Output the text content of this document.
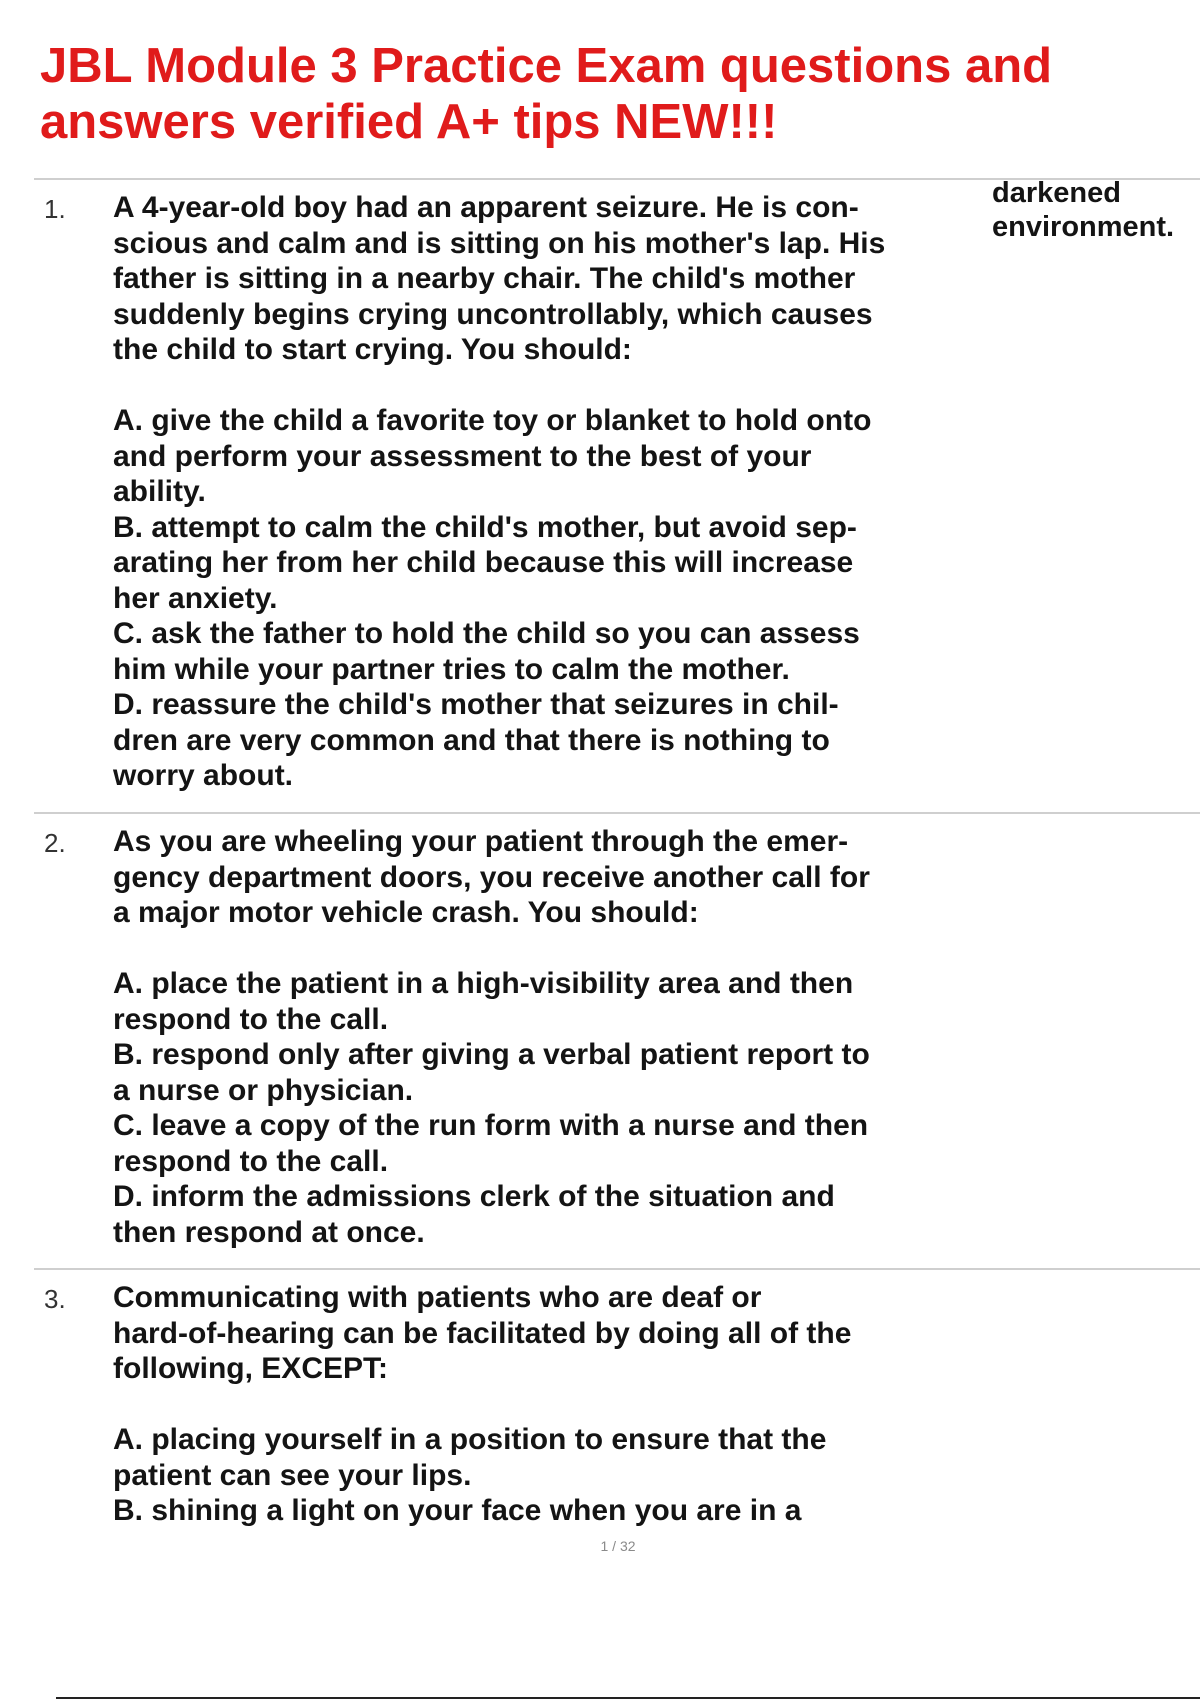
JBL Module 3 Practice Exam questions and
answers verified A+ tips NEW!!!
darkened
environment.
1. A 4-year-old boy had an apparent seizure. He is con-
scious and calm and is sitting on his mother's lap. His
father is sitting in a nearby chair. The child's mother
suddenly begins crying uncontrollably, which causes
the child to start crying. You should:
A. give the child a favorite toy or blanket to hold onto
and perform your assessment to the best of your
ability.
B. attempt to calm the child's mother, but avoid sep-
arating her from her child because this will increase
her anxiety.
C. ask the father to hold the child so you can assess
him while your partner tries to calm the mother.
D. reassure the child's mother that seizures in chil-
dren are very common and that there is nothing to
worry about.
2. As you are wheeling your patient through the emer-
gency department doors, you receive another call for
a major motor vehicle crash. You should:
A. place the patient in a high-visibility area and then
respond to the call.
B. respond only after giving a verbal patient report to
a nurse or physician.
C. leave a copy of the run form with a nurse and then
respond to the call.
D. inform the admissions clerk of the situation and
then respond at once.
3. Communicating with patients who are deaf or
hard-of-hearing can be facilitated by doing all of the
following, EXCEPT:
A. placing yourself in a position to ensure that the
patient can see your lips.
B. shining a light on your face when you are in a
1 / 32
